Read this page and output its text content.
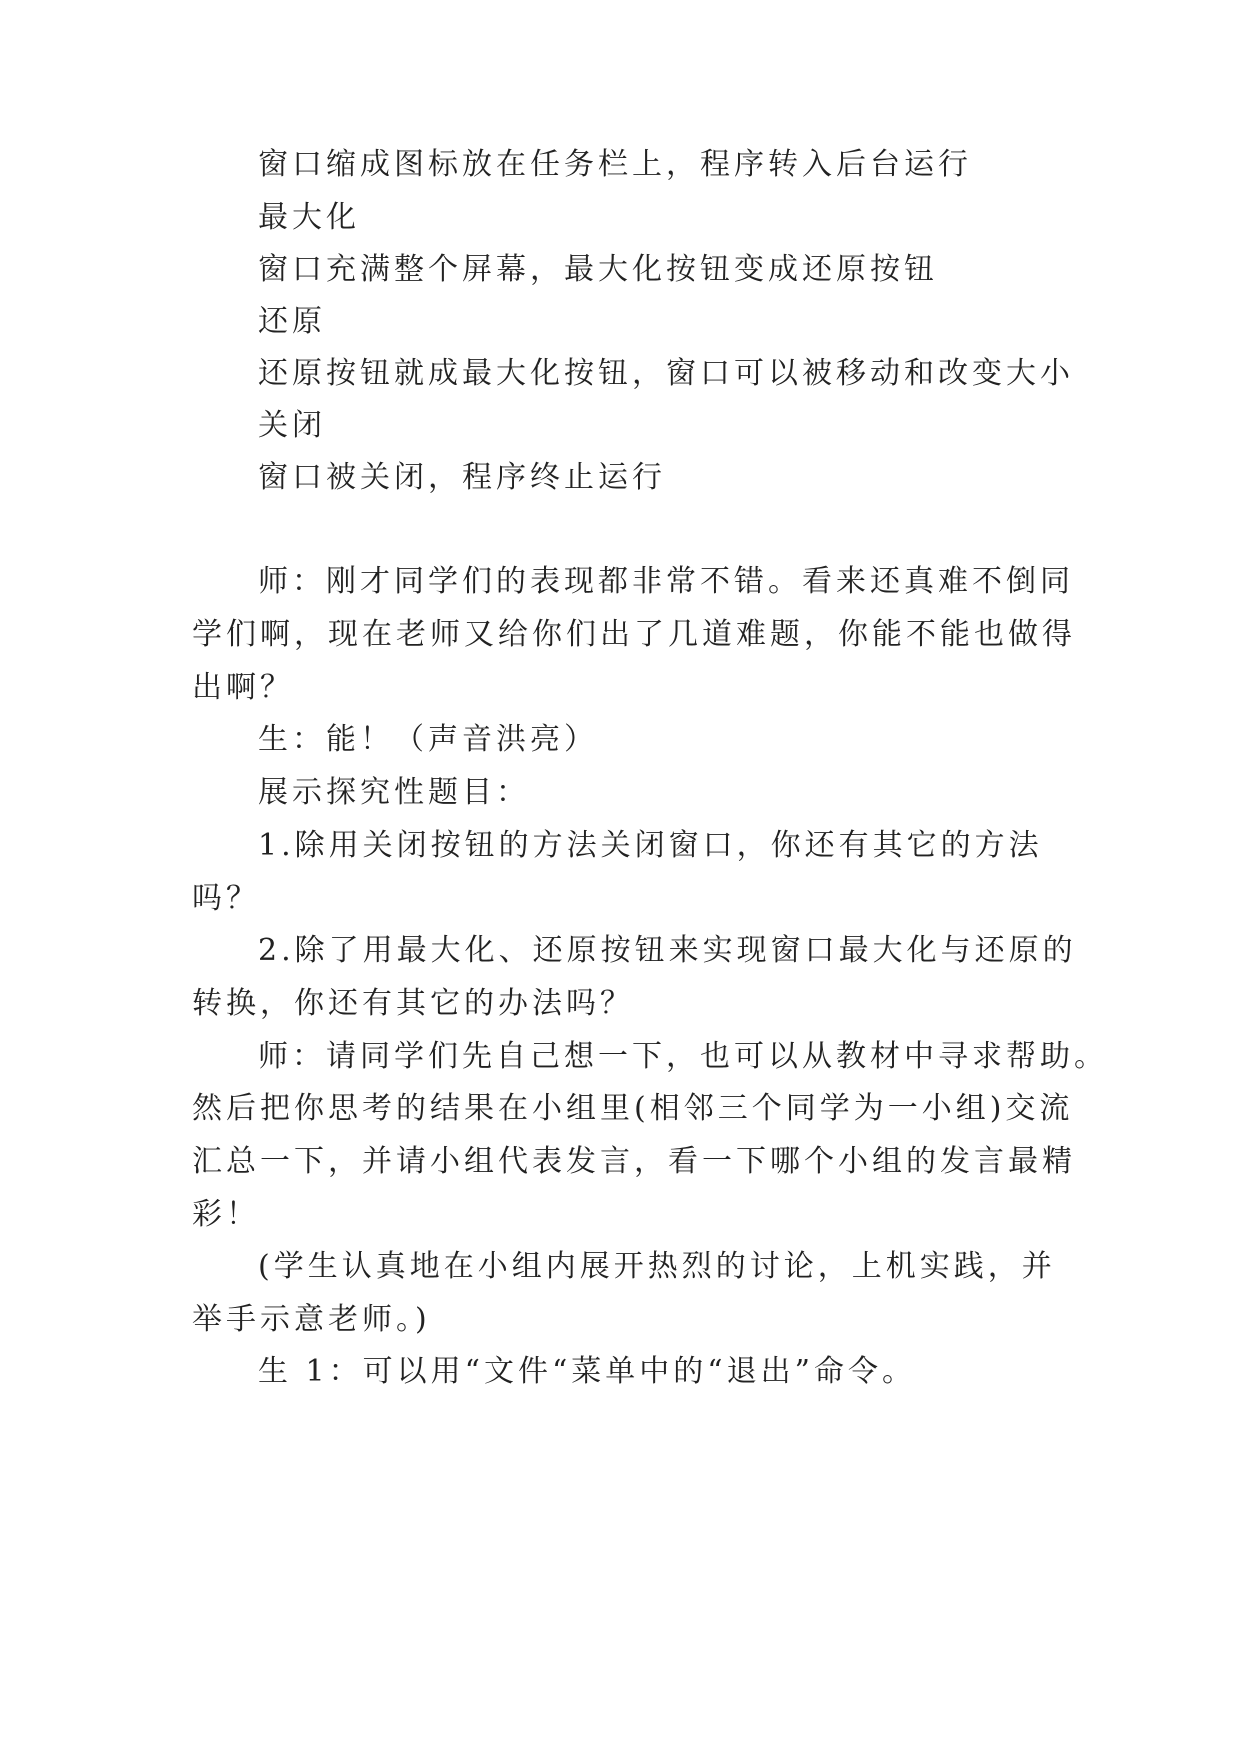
窗口缩成图标放在任务栏上，程序转入后台运行
最大化
窗口充满整个屏幕，最大化按钮变成还原按钮
还原
还原按钮就成最大化按钮，窗口可以被移动和改变大小
关闭
窗口被关闭，程序终止运行
师：刚才同学们的表现都非常不错。看来还真难不倒同
学们啊，现在老师又给你们出了几道难题，你能不能也做得
出啊？
生：能！（声音洪亮）
展示探究性题目：
1.除用关闭按钮的方法关闭窗口，你还有其它的方法
吗？
2.除了用最大化、还原按钮来实现窗口最大化与还原的
转换，你还有其它的办法吗？
师：请同学们先自己想一下，也可以从教材中寻求帮助。
然后把你思考的结果在小组里(相邻三个同学为一小组)交流
汇总一下，并请小组代表发言，看一下哪个小组的发言最精
彩！
(学生认真地在小组内展开热烈的讨论，上机实践，并
举手示意老师。)
生 1：可以用“文件“菜单中的“退出”命令。
